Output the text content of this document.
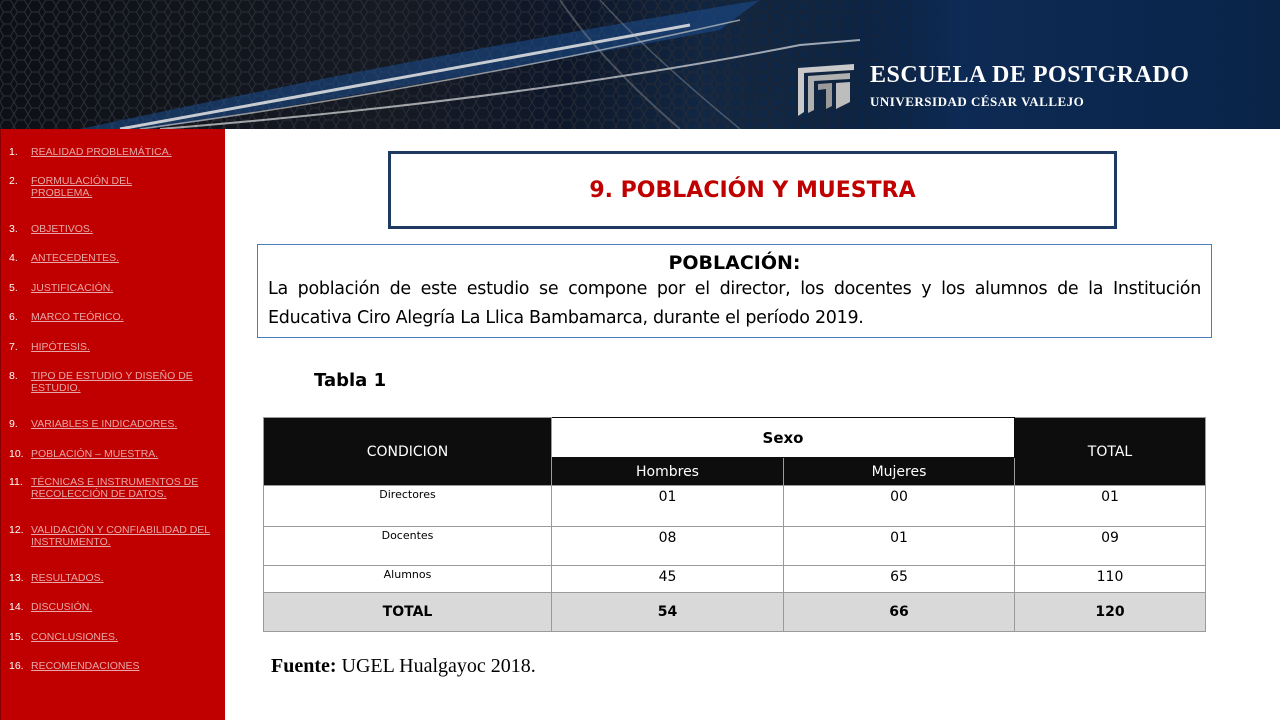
ESCUELA DE POSTGRADO
UNIVERSIDAD CÉSAR VALLEJO
1.	REALIDAD PROBLEMÁTICA.
2.	FORMULACIÓN DEL PROBLEMA.
3.	OBJETIVOS.
4.	ANTECEDENTES.
5.	JUSTIFICACIÓN.
6.	MARCO TEÓRICO.
7.	HIPÓTESIS.
8.	TIPO DE ESTUDIO Y DISEÑO DE ESTUDIO.
9.	VARIABLES E INDICADORES.
10. POBLACIÓN – MUESTRA.
11. TÉCNICAS E INSTRUMENTOS DE RECOLECCIÓN DE DATOS.
12. VALIDACIÓN Y CONFIABILIDAD DEL INSTRUMENTO.
13. RESULTADOS.
14. DISCUSIÓN.
15. CONCLUSIONES.
16. RECOMENDACIONES
9. POBLACIÓN Y MUESTRA
POBLACIÓN:
La población de este estudio se compone por el director, los docentes y los alumnos de la Institución Educativa Ciro Alegría La Llica Bambamarca, durante el período 2019.
Tabla 1
CONDICION	Sexo		TOTAL
	Hombres	Mujeres	
Directores	01	00	01
Docentes	08	01	09
Alumnos	45	65	110
TOTAL	54	66	120
Fuente: UGEL Hualgayoc 2018.
